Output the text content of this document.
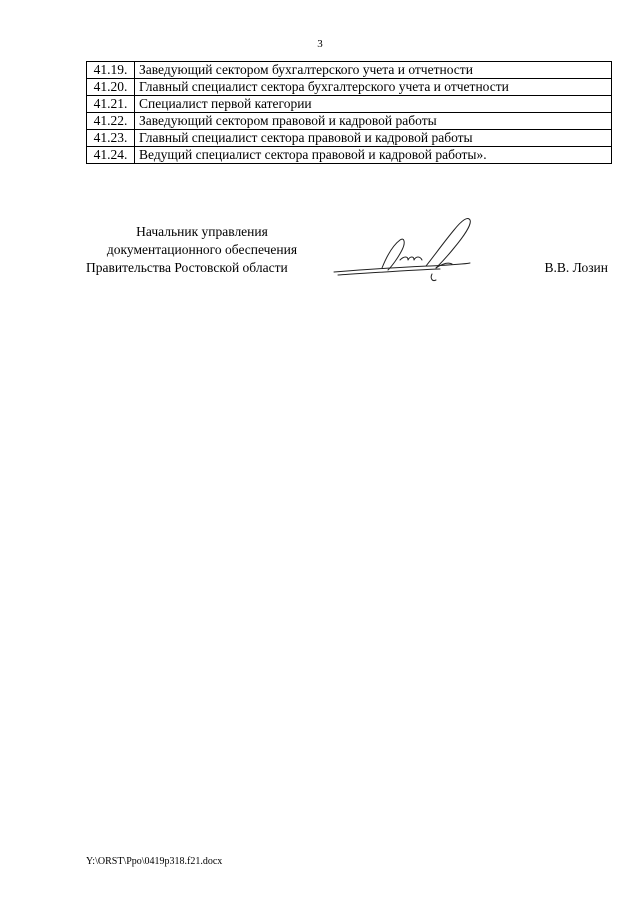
3
41.19.	Заведующий сектором бухгалтерского учета и отчетности
41.20.	Главный специалист сектора бухгалтерского учета и отчетности
41.21.	Специалист первой категории
41.22.	Заведующий сектором правовой и кадровой работы
41.23.	Главный специалист сектора правовой и кадровой работы
41.24.	Ведущий специалист сектора правовой и кадровой работы».
Начальник управления
документационного обеспечения
Правительства Ростовской области	В.В. Лозин
Y:\ORST\Ppo\0419p318.f21.docx
